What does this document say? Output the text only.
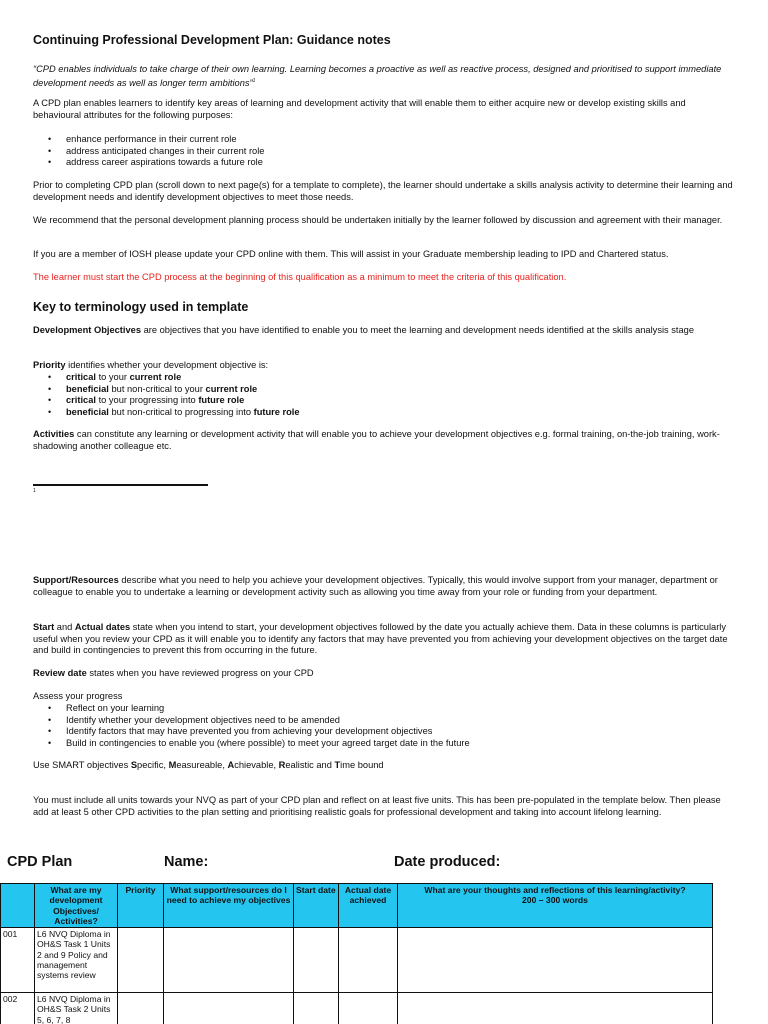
Continuing Professional Development Plan: Guidance notes

“CPD enables individuals to take charge of their own learning. Learning becomes a proactive as well as reactive process, designed and prioritised to support immediate development needs as well as longer term ambitions”$^1$

A CPD plan enables learners to identify key areas of learning and development activity that will enable them to either acquire new or develop existing skills and behavioural attributes for the following purposes:

• enhance performance in their current role
• address anticipated changes in their current role
• address career aspirations towards a future role

Prior to completing CPD plan (scroll down to next page(s) for a template to complete), the learner should undertake a skills analysis activity to determine their learning and development needs and identify development objectives to meet those needs.

We recommend that the personal development planning process should be undertaken initially by the learner followed by discussion and agreement with their manager.

If you are a member of IOSH please update your CPD online with them. This will assist in your Graduate membership leading to IPD and Chartered status.

The learner must start the CPD process at the beginning of this qualification as a minimum to meet the criteria of this qualification.

Key to terminology used in template

Development Objectives are objectives that you have identified to enable you to meet the learning and development needs identified at the skills analysis stage

Priority identifies whether your development objective is:

• critical to your current role
• beneficial but non-critical to your current role
• critical to your progressing into future role
• beneficial but non-critical to progressing into future role

Activities can constitute any learning or development activity that will enable you to achieve your development objectives e.g. formal training, on-the-job training, work-shadowing another colleague etc.

1

Support/Resources describe what you need to help you achieve your development objectives. Typically, this would involve support from your manager, department or colleague to enable you to undertake a learning or development activity such as allowing you time away from your role or funding from your department.

Start and Actual dates state when you intend to start, your development objectives followed by the date you actually achieve them. Data in these columns is particularly useful when you review your CPD as it will enable you to identify any factors that may have prevented you from achieving your development objectives on the target date and build in contingencies to prevent this from occurring in the future.

Review date states when you have reviewed progress on your CPD

Assess your progress

• Reflect on your learning
• Identify whether your development objectives need to be amended
• Identify factors that may have prevented you from achieving your development objectives
• Build in contingencies to enable you (where possible) to meet your agreed target date in the future

Use SMART objectives Specific, Measureable, Achievable, Realistic and Time bound

You must include all units towards your NVQ as part of your CPD plan and reflect on at least five units. This has been pre-populated in the template below. Then please add at least 5 other CPD activities to the plan setting and prioritising realistic goals for professional development and taking into account lifelong learning.

CPD Plan	Name:	Date produced:
	What are my development Objectives/ Activities?	Priority	What support/resources do I need to achieve my objectives	Start date	Actual date achieved	What are your thoughts and reflections of this learning/activity?
200 – 300 words
001	L6 NVQ Diploma in OH&S Task 1 Units 2 and 9 Policy and management systems review					

002	L6 NVQ Diploma in OH&S Task 2 Units 5, 6, 7, 8					
